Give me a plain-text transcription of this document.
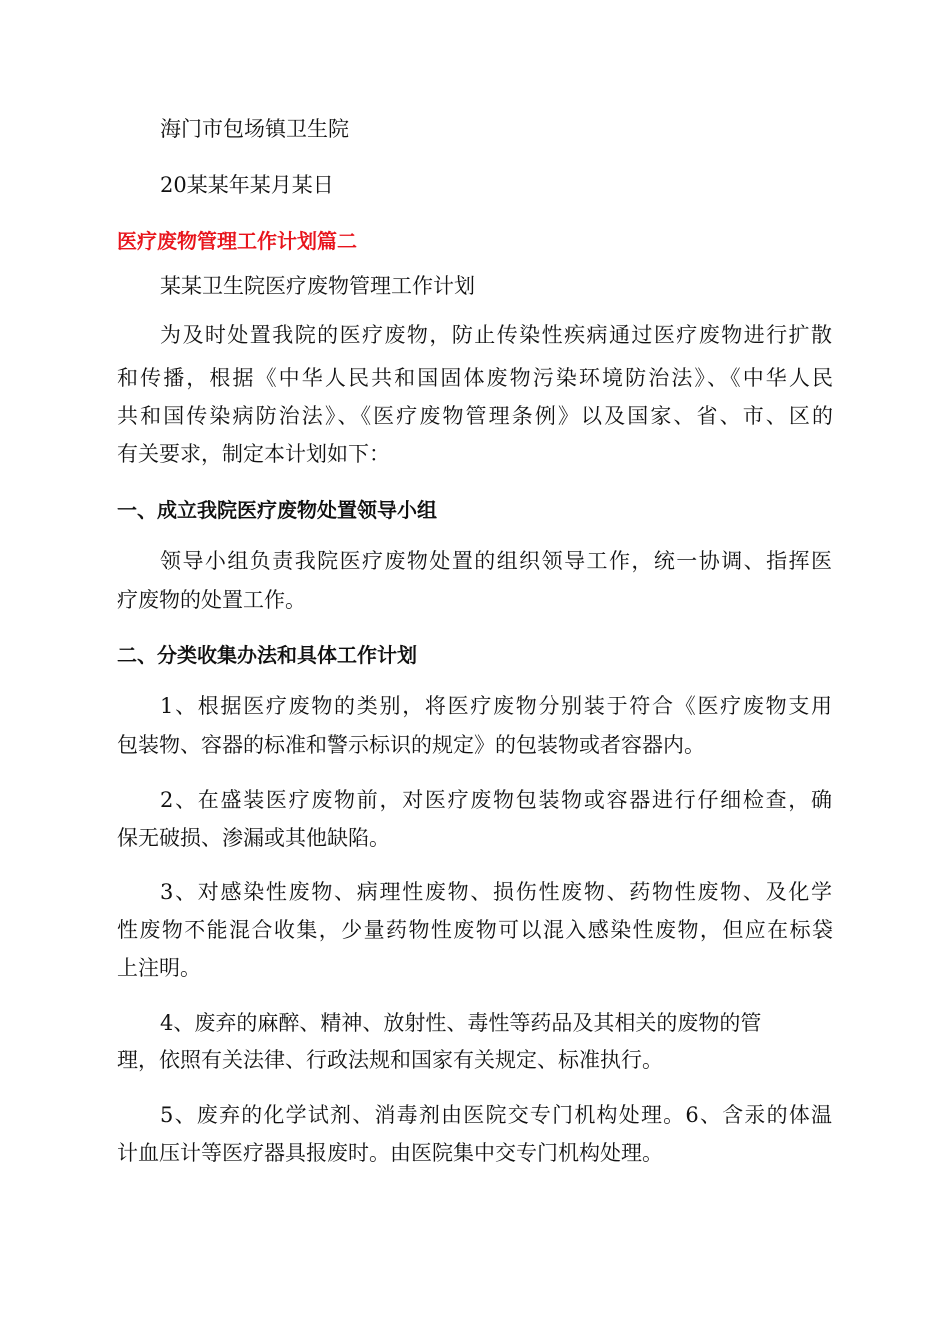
海门市包场镇卫生院
20某某年某月某日
医疗废物管理工作计划篇二
某某卫生院医疗废物管理工作计划
为及时处置我院的医疗废物，防止传染性疾病通过医疗废物进行扩散
和传播，根据《中华人民共和国固体废物污染环境防治法》、《中华人民
共和国传染病防治法》、《医疗废物管理条例》以及国家、省、市、区的
有关要求，制定本计划如下：
一、成立我院医疗废物处置领导小组
领导小组负责我院医疗废物处置的组织领导工作，统一协调、指挥医
疗废物的处置工作。
二、分类收集办法和具体工作计划
1、根据医疗废物的类别，将医疗废物分别装于符合《医疗废物支用
包装物、容器的标准和警示标识的规定》的包装物或者容器内。
2、在盛装医疗废物前，对医疗废物包装物或容器进行仔细检查，确
保无破损、渗漏或其他缺陷。
3、对感染性废物、病理性废物、损伤性废物、药物性废物、及化学
性废物不能混合收集，少量药物性废物可以混入感染性废物，但应在标袋
上注明。
4、废弃的麻醉、精神、放射性、毒性等药品及其相关的废物的管
理，依照有关法律、行政法规和国家有关规定、标准执行。
5、废弃的化学试剂、消毒剂由医院交专门机构处理。6、含汞的体温
计血压计等医疗器具报废时。由医院集中交专门机构处理。
